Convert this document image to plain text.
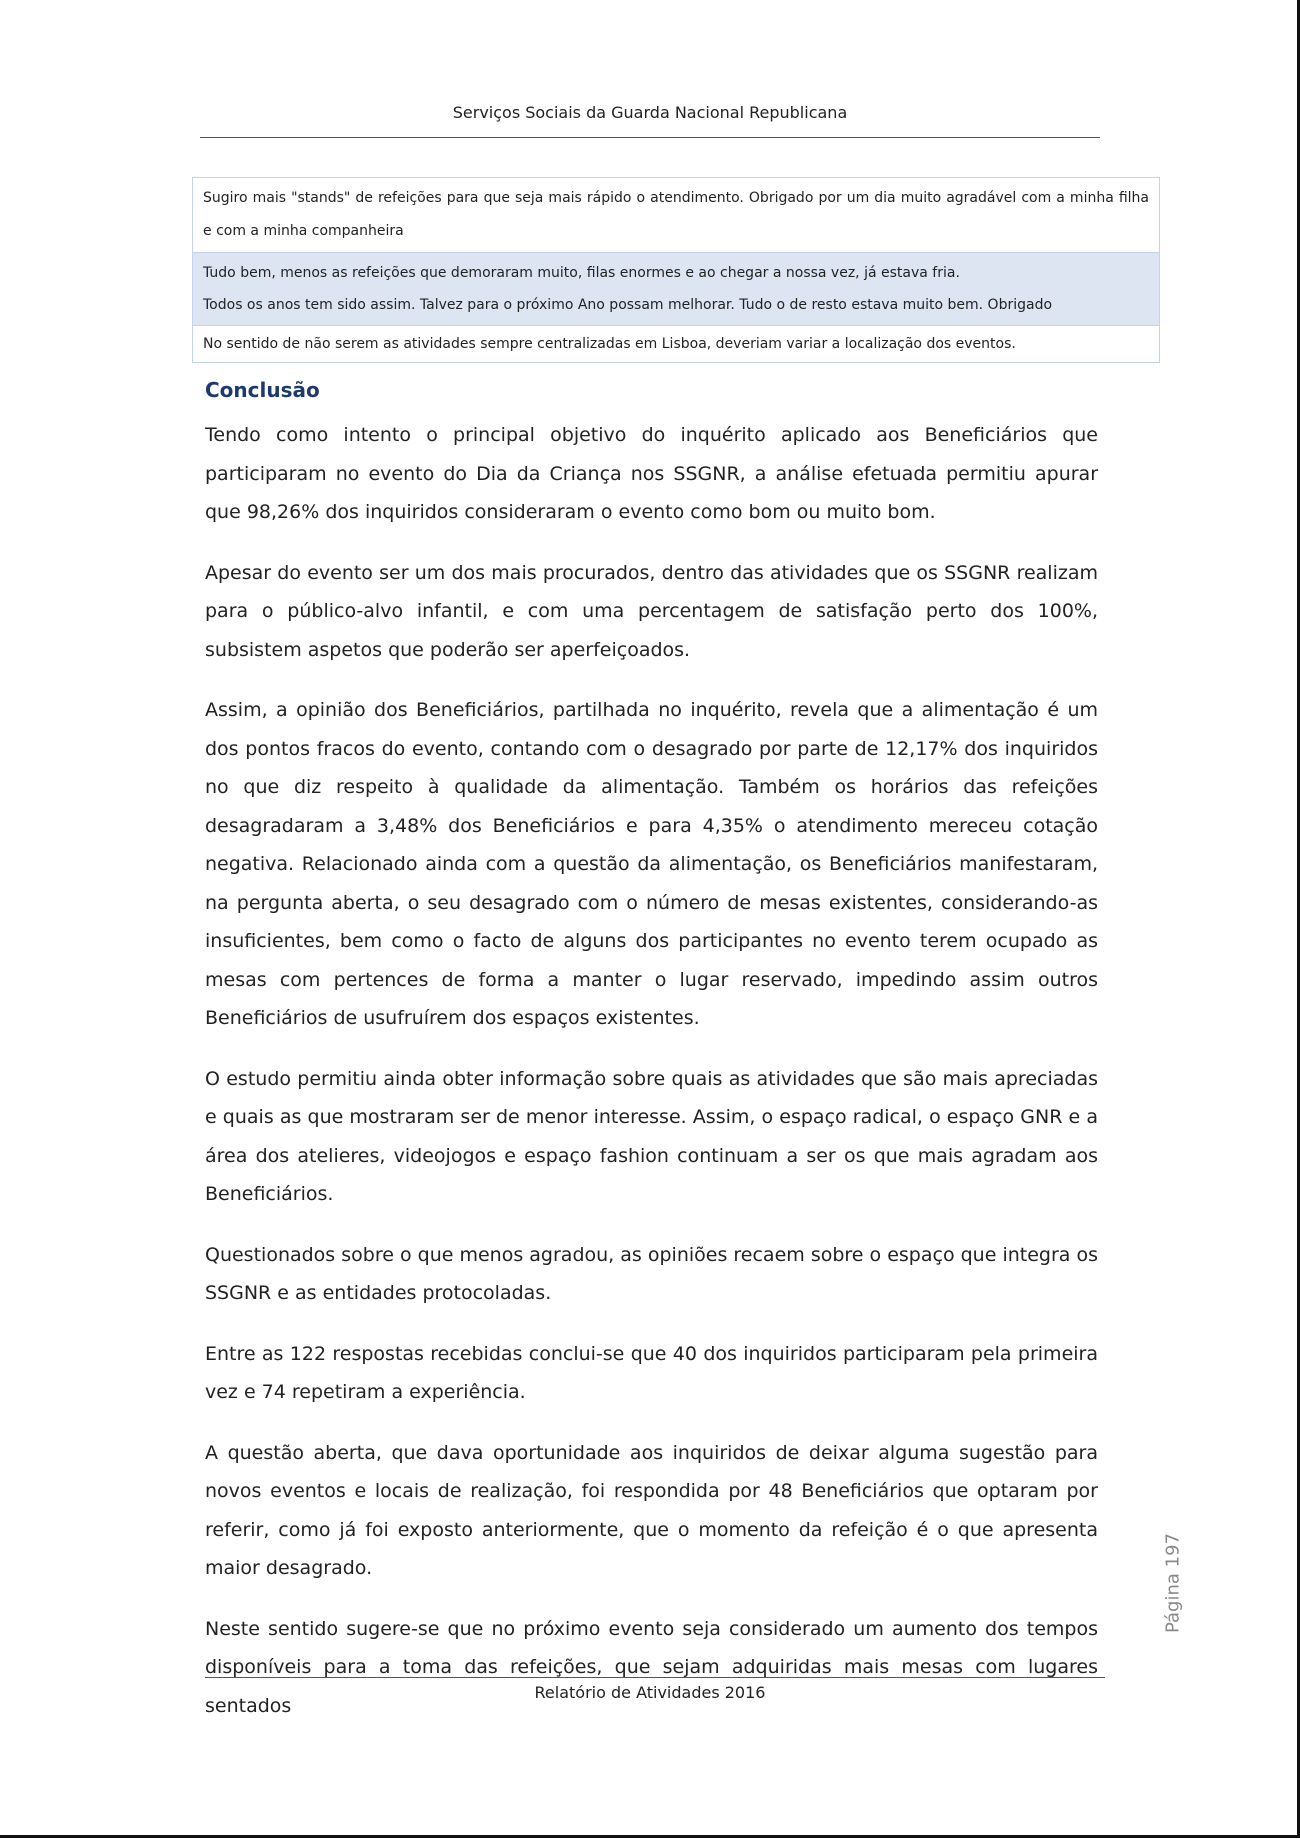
Serviços Sociais da Guarda Nacional Republicana
Sugiro mais "stands" de refeições para que seja mais rápido o atendimento. Obrigado por um dia muito agradável com a minha filha e com a minha companheira
Tudo bem, menos as refeições que demoraram muito, filas enormes e ao chegar a nossa vez, já estava fria.
Todos os anos tem sido assim. Talvez para o próximo Ano possam melhorar. Tudo o de resto estava muito bem. Obrigado
No sentido de não serem as atividades sempre centralizadas em Lisboa, deveriam variar a localização dos eventos.
Conclusão

Tendo como intento o principal objetivo do inquérito aplicado aos Beneficiários que participaram no evento do Dia da Criança nos SSGNR, a análise efetuada permitiu apurar que 98,26% dos inquiridos consideraram o evento como bom ou muito bom.

Apesar do evento ser um dos mais procurados, dentro das atividades que os SSGNR realizam para o público-alvo infantil, e com uma percentagem de satisfação perto dos 100%, subsistem aspetos que poderão ser aperfeiçoados.

Assim, a opinião dos Beneficiários, partilhada no inquérito, revela que a alimentação é um dos pontos fracos do evento, contando com o desagrado por parte de 12,17% dos inquiridos no que diz respeito à qualidade da alimentação. Também os horários das refeições desagradaram a 3,48% dos Beneficiários e para 4,35% o atendimento mereceu cotação negativa. Relacionado ainda com a questão da alimentação, os Beneficiários manifestaram, na pergunta aberta, o seu desagrado com o número de mesas existentes, considerando-as insuficientes, bem como o facto de alguns dos participantes no evento terem ocupado as mesas com pertences de forma a manter o lugar reservado, impedindo assim outros Beneficiários de usufruírem dos espaços existentes.

O estudo permitiu ainda obter informação sobre quais as atividades que são mais apreciadas e quais as que mostraram ser de menor interesse. Assim, o espaço radical, o espaço GNR e a área dos atelieres, videojogos e espaço fashion continuam a ser os que mais agradam aos Beneficiários.

Questionados sobre o que menos agradou, as opiniões recaem sobre o espaço que integra os SSGNR e as entidades protocoladas.

Entre as 122 respostas recebidas conclui-se que 40 dos inquiridos participaram pela primeira vez e 74 repetiram a experiência.

A questão aberta, que dava oportunidade aos inquiridos de deixar alguma sugestão para novos eventos e locais de realização, foi respondida por 48 Beneficiários que optaram por referir, como já foi exposto anteriormente, que o momento da refeição é o que apresenta maior desagrado.

Neste sentido sugere-se que no próximo evento seja considerado um aumento dos tempos disponíveis para a toma das refeições, que sejam adquiridas mais mesas com lugares sentados

Página 197
Relatório de Atividades 2016
